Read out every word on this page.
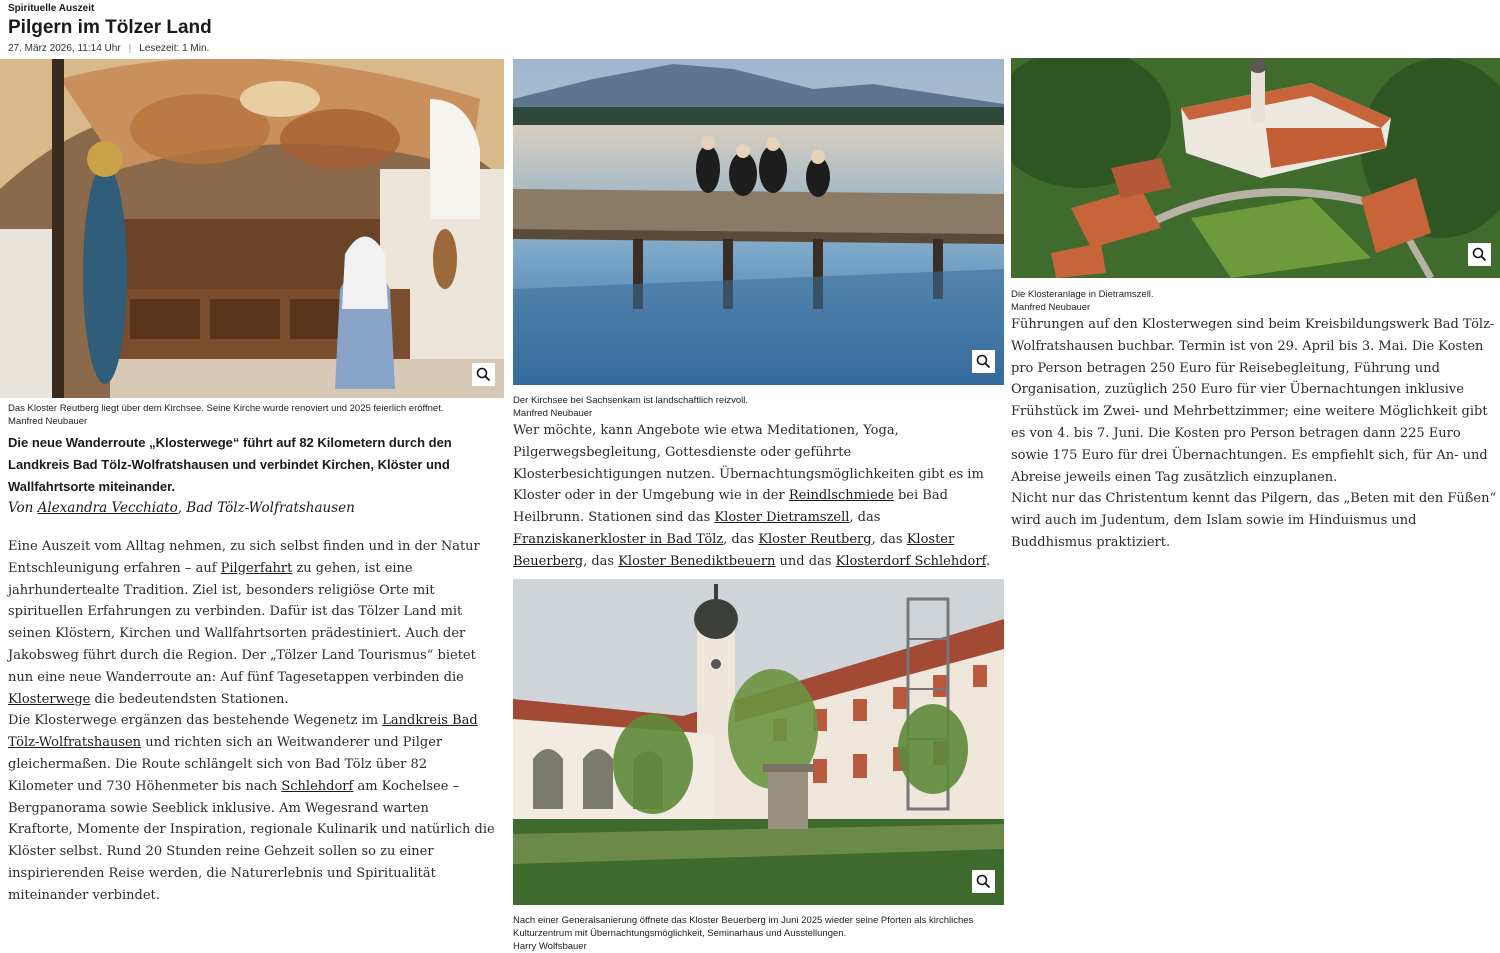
Spirituelle Auszeit
Pilgern im Tölzer Land
27. März 2026, 11:14 Uhr | Lesezeit: 1 Min.
Das Kloster Reutberg liegt über dem Kirchsee. Seine Kirche wurde renoviert und 2025 feierlich eröffnet.
Manfred Neubauer

Die neue Wanderroute „Klosterwege“ führt auf 82 Kilometern durch den Landkreis Bad Tölz-Wolfratshausen und verbindet Kirchen, Klöster und Wallfahrtsorte miteinander.

Von Alexandra Vecchiato, Bad Tölz-Wolfratshausen

Eine Auszeit vom Alltag nehmen, zu sich selbst finden und in der Natur Entschleunigung erfahren – auf Pilgerfahrt zu gehen, ist eine jahrhundertealte Tradition. Ziel ist, besonders religiöse Orte mit spirituellen Erfahrungen zu verbinden. Dafür ist das Tölzer Land mit seinen Klöstern, Kirchen und Wallfahrtsorten prädestiniert. Auch der Jakobsweg führt durch die Region. Der „Tölzer Land Tourismus“ bietet nun eine neue Wanderroute an: Auf fünf Tagesetappen verbinden die Klosterwege die bedeutendsten Stationen.

Die Klosterwege ergänzen das bestehende Wegenetz im Landkreis Bad Tölz-Wolfratshausen und richten sich an Weitwanderer und Pilger gleichermaßen. Die Route schlängelt sich von Bad Tölz über 82 Kilometer und 730 Höhenmeter bis nach Schlehdorf am Kochelsee – Bergpanorama sowie Seeblick inklusive. Am Wegesrand warten Kraftorte, Momente der Inspiration, regionale Kulinarik und natürlich die Klöster selbst. Rund 20 Stunden reine Gehzeit sollen so zu einer inspirierenden Reise werden, die Naturerlebnis und Spiritualität miteinander verbindet.

Der Kirchsee bei Sachsenkam ist landschaftlich reizvoll.
Manfred Neubauer

Wer möchte, kann Angebote wie etwa Meditationen, Yoga, Pilgerwegsbegleitung, Gottesdienste oder geführte Klosterbesichtigungen nutzen. Übernachtungsmöglichkeiten gibt es im Kloster oder in der Umgebung wie in der Reindlschmiede bei Bad Heilbrunn. Stationen sind das Kloster Dietramszell, das Franziskanerkloster in Bad Tölz, das Kloster Reutberg, das Kloster Beuerberg, das Kloster Benediktbeuern und das Klosterdorf Schlehdorf.

Nach einer Generalsanierung öffnete das Kloster Beuerberg im Juni 2025 wieder seine Pforten als kirchliches Kulturzentrum mit Übernachtungsmöglichkeit, Seminarhaus und Ausstellungen.
Harry Wolfsbauer
Die Klosteranlage in Dietramszell.
Manfred Neubauer

Führungen auf den Klosterwegen sind beim Kreisbildungswerk Bad Tölz-Wolfratshausen buchbar. Termin ist von 29. April bis 3. Mai. Die Kosten pro Person betragen 250 Euro für Reisebegleitung, Führung und Organisation, zuzüglich 250 Euro für vier Übernachtungen inklusive Frühstück im Zwei- und Mehrbettzimmer; eine weitere Möglichkeit gibt es von 4. bis 7. Juni. Die Kosten pro Person betragen dann 225 Euro sowie 175 Euro für drei Übernachtungen. Es empfiehlt sich, für An- und Abreise jeweils einen Tag zusätzlich einzuplanen.

Nicht nur das Christentum kennt das Pilgern, das „Beten mit den Füßen“ wird auch im Judentum, dem Islam sowie im Hinduismus und Buddhismus praktiziert.
